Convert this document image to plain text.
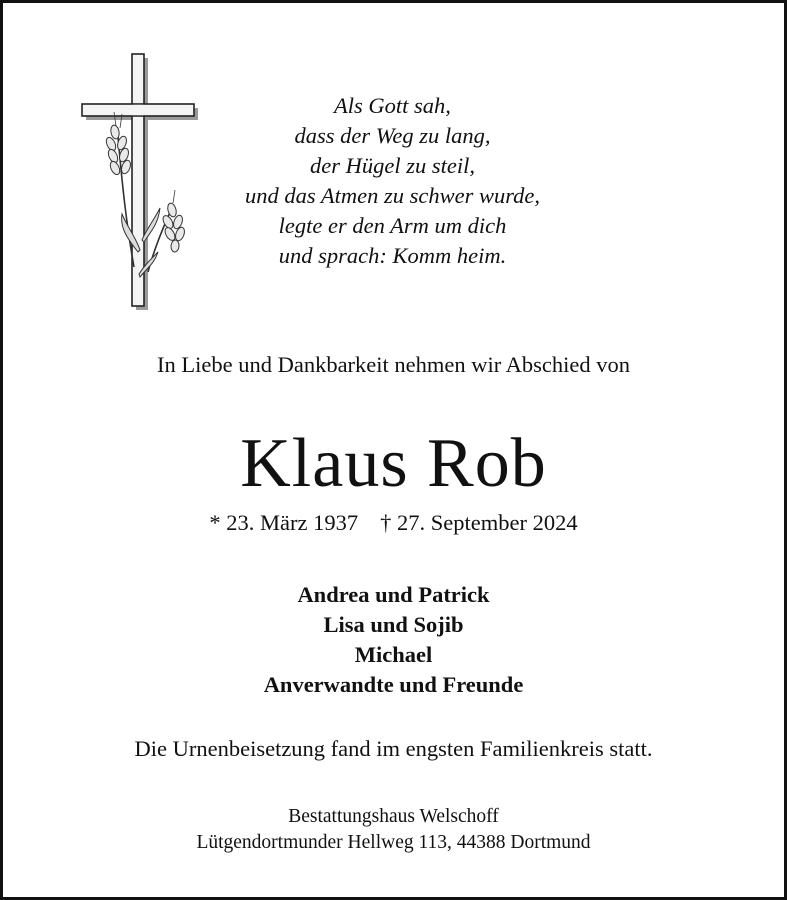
Als Gott sah,
dass der Weg zu lang,
der Hügel zu steil,
und das Atmen zu schwer wurde,
legte er den Arm um dich
und sprach: Komm heim.
In Liebe und Dankbarkeit nehmen wir Abschied von
Klaus Rob
* 23. März 1937 † 27. September 2024
Andrea und Patrick
Lisa und Sojib
Michael
Anverwandte und Freunde
Die Urnenbeisetzung fand im engsten Familienkreis statt.
Bestattungshaus Welschoff
Lütgendortmunder Hellweg 113, 44388 Dortmund
